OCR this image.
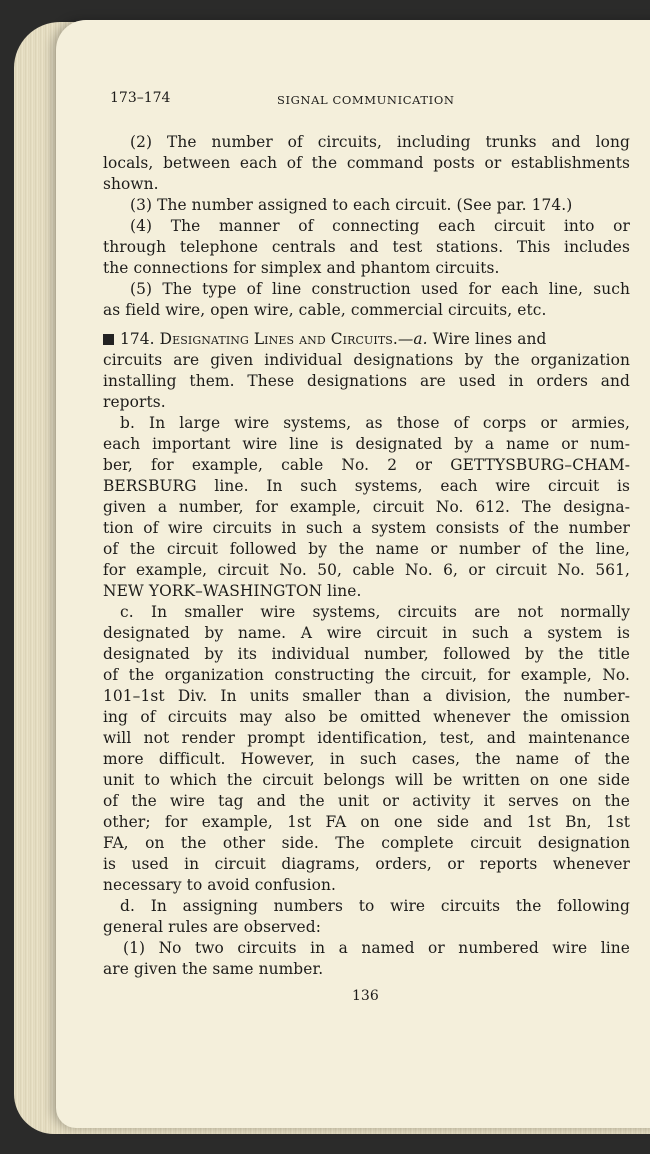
173–174	SIGNAL COMMUNICATION
(2) The number of circuits, including trunks and long
locals, between each of the command posts or establishments
shown.
(3) The number assigned to each circuit. (See par. 174.)
(4) The manner of connecting each circuit into or
through telephone centrals and test stations. This includes
the connections for simplex and phantom circuits.
(5) The type of line construction used for each line, such
as field wire, open wire, cable, commercial circuits, etc.
174. Designating Lines and Circuits.—a. Wire lines and
circuits are given individual designations by the organization
installing them. These designations are used in orders and
reports.
b. In large wire systems, as those of corps or armies,
each important wire line is designated by a name or num-
ber, for example, cable No. 2 or GETTYSBURG–CHAM-
BERSBURG line. In such systems, each wire circuit is
given a number, for example, circuit No. 612. The designa-
tion of wire circuits in such a system consists of the number
of the circuit followed by the name or number of the line,
for example, circuit No. 50, cable No. 6, or circuit No. 561,
NEW YORK–WASHINGTON line.
c. In smaller wire systems, circuits are not normally
designated by name. A wire circuit in such a system is
designated by its individual number, followed by the title
of the organization constructing the circuit, for example, No.
101–1st Div. In units smaller than a division, the number-
ing of circuits may also be omitted whenever the omission
will not render prompt identification, test, and maintenance
more difficult. However, in such cases, the name of the
unit to which the circuit belongs will be written on one side
of the wire tag and the unit or activity it serves on the
other; for example, 1st FA on one side and 1st Bn, 1st
FA, on the other side. The complete circuit designation
is used in circuit diagrams, orders, or reports whenever
necessary to avoid confusion.
d. In assigning numbers to wire circuits the following
general rules are observed:
(1) No two circuits in a named or numbered wire line
are given the same number.
136
